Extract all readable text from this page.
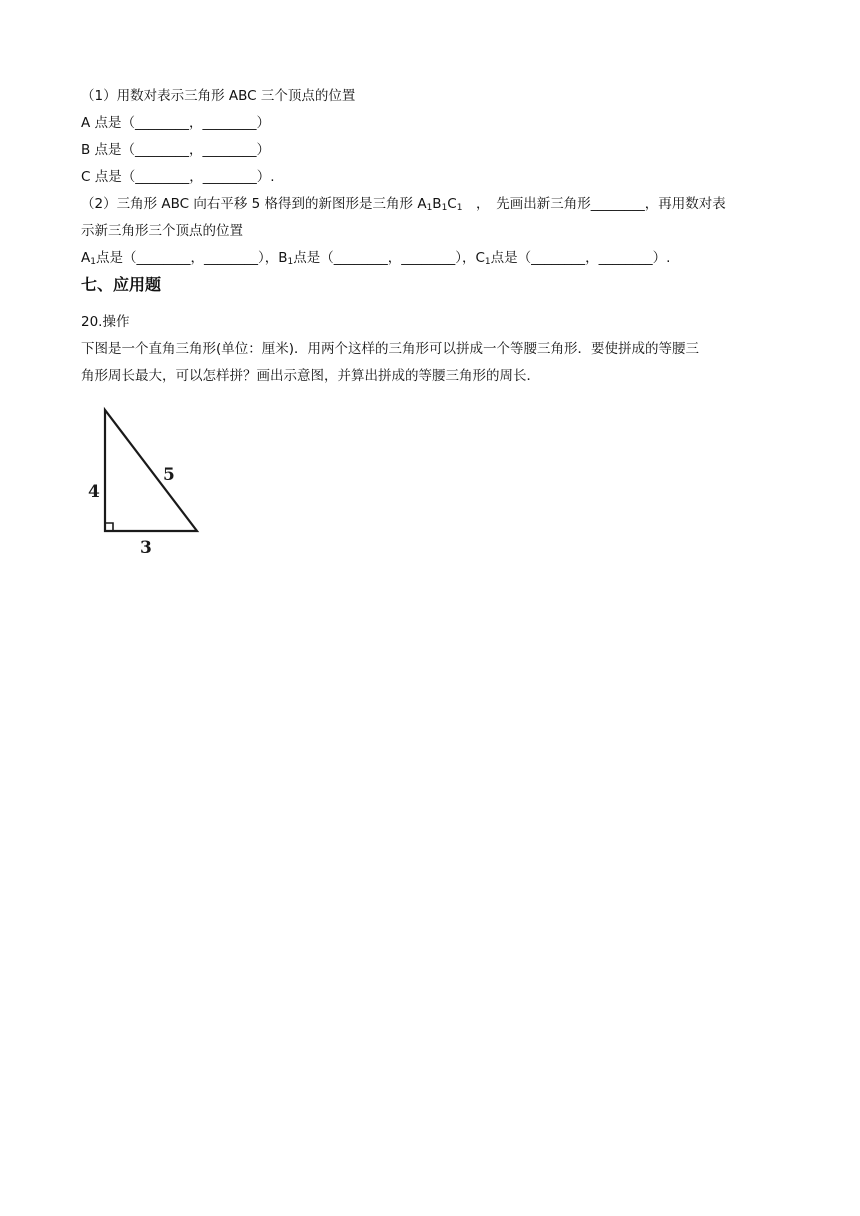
（1）用数对表示三角形 ABC 三个顶点的位置
A 点是（________，________）
B 点是（________，________）
C 点是（________，________）.
（2）三角形 ABC 向右平移 5 格得到的新图形是三角形 $A_1B_1C_1$　，　先画出新三角形________，再用数对表
示新三角形三个顶点的位置
$A_1$点是（________，________），$B_1$点是（________，________），$C_1$点是（________，________）.
七、应用题
20.操作
下图是一个直角三角形(单位：厘米)．用两个这样的三角形可以拼成一个等腰三角形．要使拼成的等腰三
角形周长最大，可以怎样拼？画出示意图，并算出拼成的等腰三角形的周长．
4
3
5
